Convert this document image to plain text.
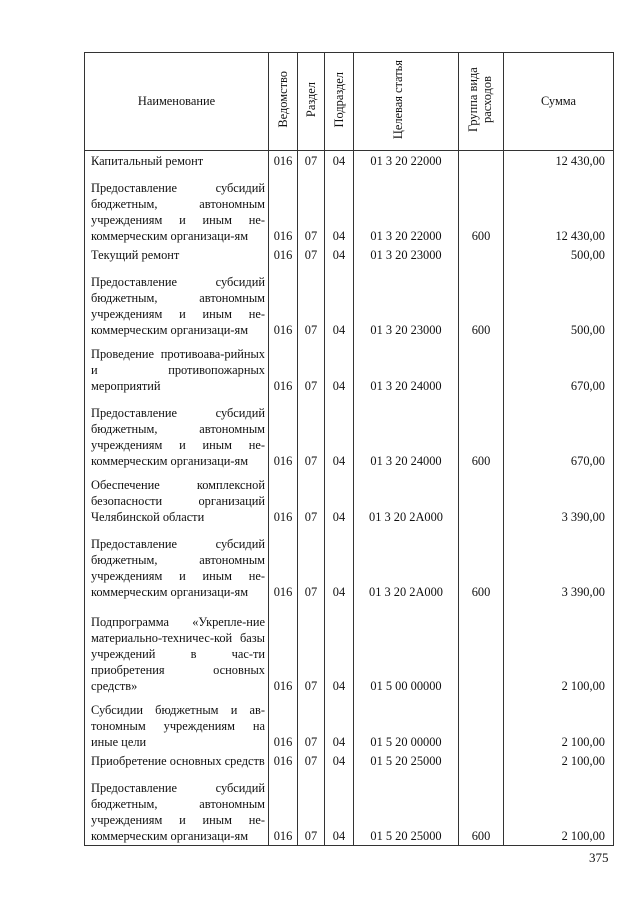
Наименование	Ведомство	Раздел	Подраздел	Целевая статья	Группа вида расходов	Сумма
Капитальный ремонт	016	07	04	01 3 20 22000		12 430,00
Предоставление субсидий бюджетным, автономным учреждениям и иным не-коммерческим организаци-ям	016	07	04	01 3 20 22000	600	12 430,00
Текущий ремонт	016	07	04	01 3 20 23000		500,00
Предоставление субсидий бюджетным, автономным учреждениям и иным не-коммерческим организаци-ям	016	07	04	01 3 20 23000	600	500,00
Проведение противоава-рийных и противопожарных мероприятий	016	07	04	01 3 20 24000		670,00
Предоставление субсидий бюджетным, автономным учреждениям и иным не-коммерческим организаци-ям	016	07	04	01 3 20 24000	600	670,00
Обеспечение комплексной безопасности организаций Челябинской области	016	07	04	01 3 20 2А000		3 390,00
Предоставление субсидий бюджетным, автономным учреждениям и иным не-коммерческим организаци-ям	016	07	04	01 3 20 2А000	600	3 390,00
Подпрограмма «Укрепле-ние материально-техничес-кой базы учреждений в час-ти приобретения основных средств»	016	07	04	01 5 00 00000		2 100,00
Субсидии бюджетным и ав-тономным учреждениям на иные цели	016	07	04	01 5 20 00000		2 100,00
Приобретение основных средств	016	07	04	01 5 20 25000		2 100,00
Предоставление субсидий бюджетным, автономным учреждениям и иным не-коммерческим организаци-ям	016	07	04	01 5 20 25000	600	2 100,00
375
